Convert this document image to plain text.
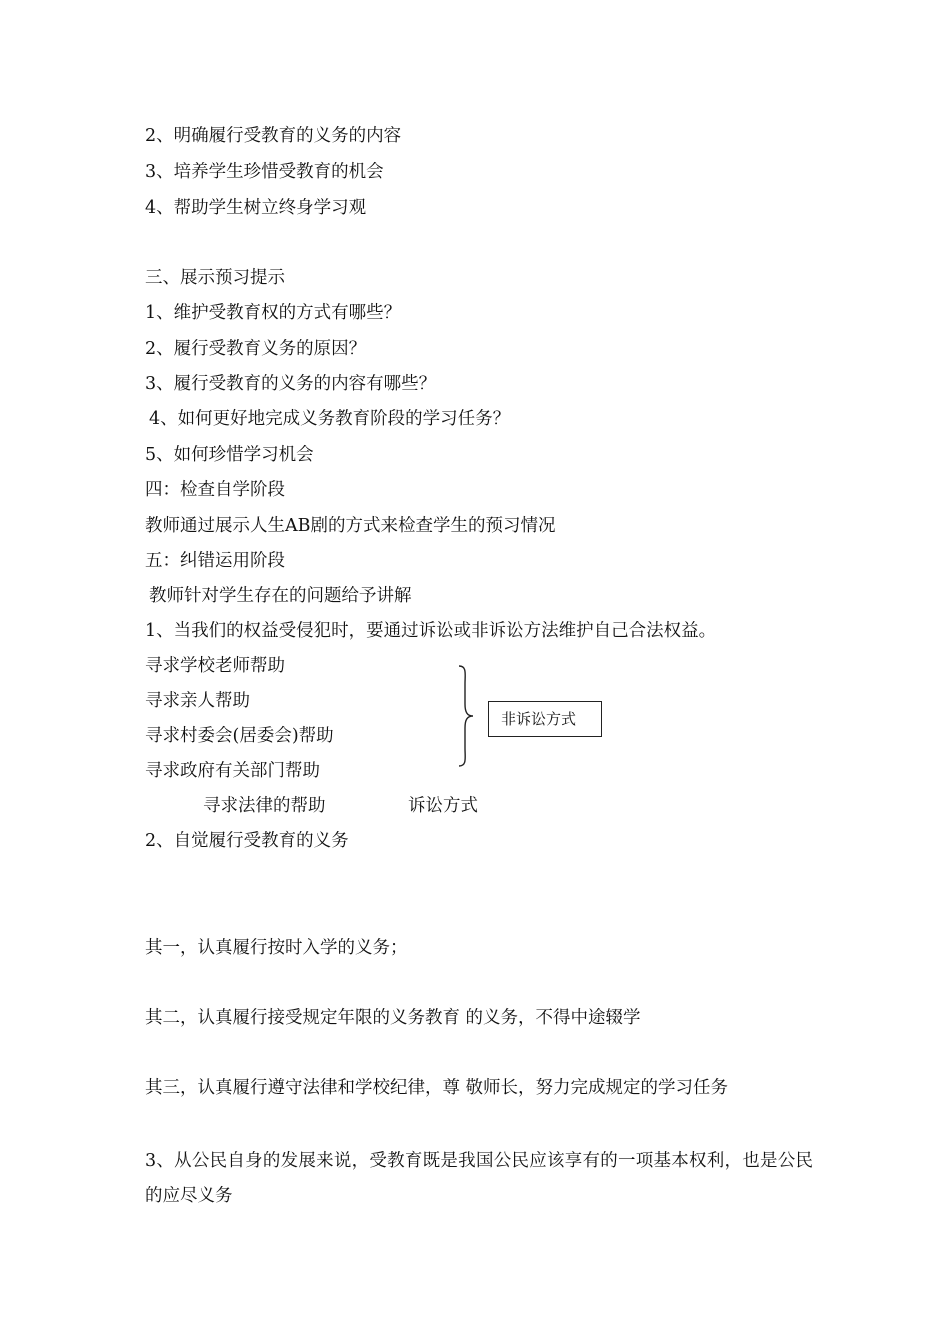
2、明确履行受教育的义务的内容
3、培养学生珍惜受教育的机会
4、帮助学生树立终身学习观
三、展示预习提示
1、维护受教育权的方式有哪些？
2、履行受教育义务的原因？
3、履行受教育的义务的内容有哪些？
4、如何更好地完成义务教育阶段的学习任务？
5、如何珍惜学习机会
四：检查自学阶段
教师通过展示人生AB剧的方式来检查学生的预习情况
五：纠错运用阶段
教师针对学生存在的问题给予讲解
1、当我们的权益受侵犯时，要通过诉讼或非诉讼方法维护自己合法权益。
寻求学校老师帮助
寻求亲人帮助
寻求村委会(居委会)帮助
寻求政府有关部门帮助
非诉讼方式
寻求法律的帮助	诉讼方式
2、自觉履行受教育的义务
其一，认真履行按时入学的义务；
其二，认真履行接受规定年限的义务教育 的义务，不得中途辍学
其三，认真履行遵守法律和学校纪律，尊 敬师长，努力完成规定的学习任务
3、从公民自身的发展来说，受教育既是我国公民应该享有的一项基本权利，也是公民的应尽义务
